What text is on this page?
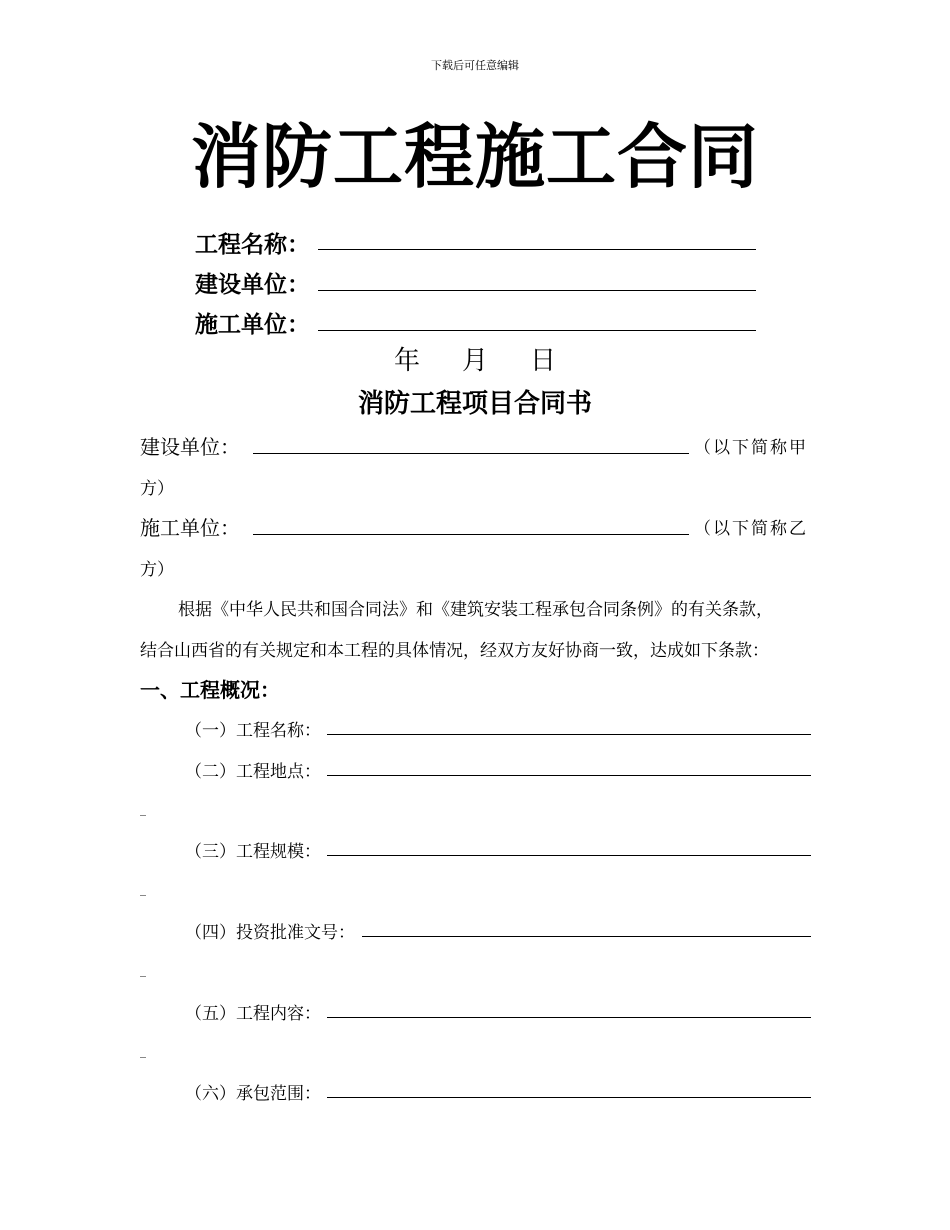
下载后可任意编辑
消防工程施工合同
工程名称：
建设单位：
施工单位：
年 月 日
消防工程项目合同书
建设单位：	（以下简称甲
方）
施工单位：	（以下简称乙
方）
根据《中华人民共和国合同法》和《建筑安装工程承包合同条例》的有关条款，
结合山西省的有关规定和本工程的具体情况，经双方友好协商一致，达成如下条款：
一、工程概况：
（一）工程名称：
（二）工程地点：
_
（三）工程规模：
_
（四）投资批准文号：
_
（五）工程内容：
_
（六）承包范围：
